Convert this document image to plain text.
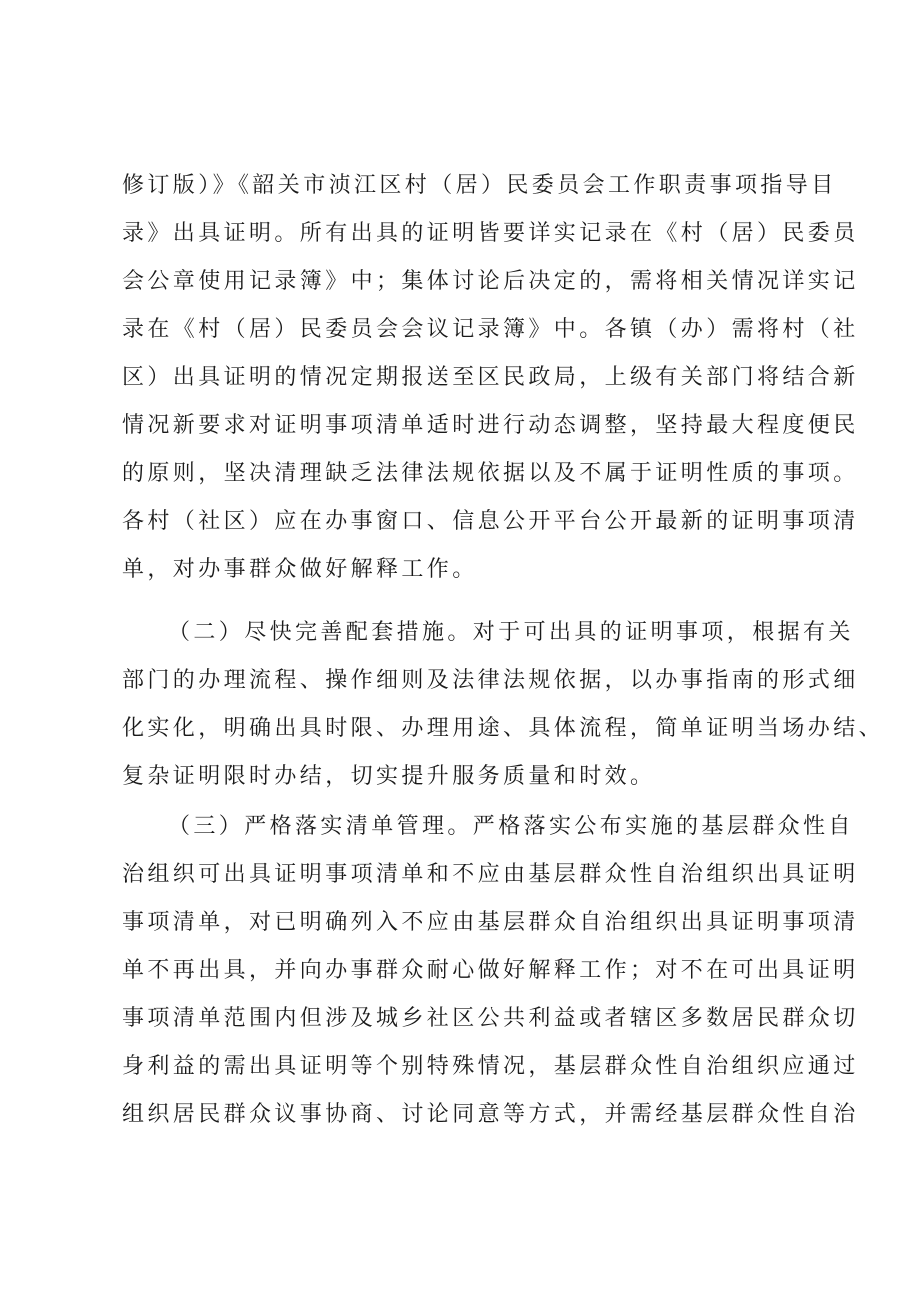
修订版）》《韶关市浈江区村（居）民委员会工作职责事项指导目
录》出具证明。所有出具的证明皆要详实记录在《村（居）民委员
会公章使用记录簿》中；集体讨论后决定的，需将相关情况详实记
录在《村（居）民委员会会议记录簿》中。各镇（办）需将村（社
区）出具证明的情况定期报送至区民政局，上级有关部门将结合新
情况新要求对证明事项清单适时进行动态调整，坚持最大程度便民
的原则，坚决清理缺乏法律法规依据以及不属于证明性质的事项。
各村（社区）应在办事窗口、信息公开平台公开最新的证明事项清
单，对办事群众做好解释工作。
（二）尽快完善配套措施。对于可出具的证明事项，根据有关
部门的办理流程、操作细则及法律法规依据，以办事指南的形式细
化实化，明确出具时限、办理用途、具体流程，简单证明当场办结、
复杂证明限时办结，切实提升服务质量和时效。
（三）严格落实清单管理。严格落实公布实施的基层群众性自
治组织可出具证明事项清单和不应由基层群众性自治组织出具证明
事项清单，对已明确列入不应由基层群众自治组织出具证明事项清
单不再出具，并向办事群众耐心做好解释工作；对不在可出具证明
事项清单范围内但涉及城乡社区公共利益或者辖区多数居民群众切
身利益的需出具证明等个别特殊情况，基层群众性自治组织应通过
组织居民群众议事协商、讨论同意等方式，并需经基层群众性自治
